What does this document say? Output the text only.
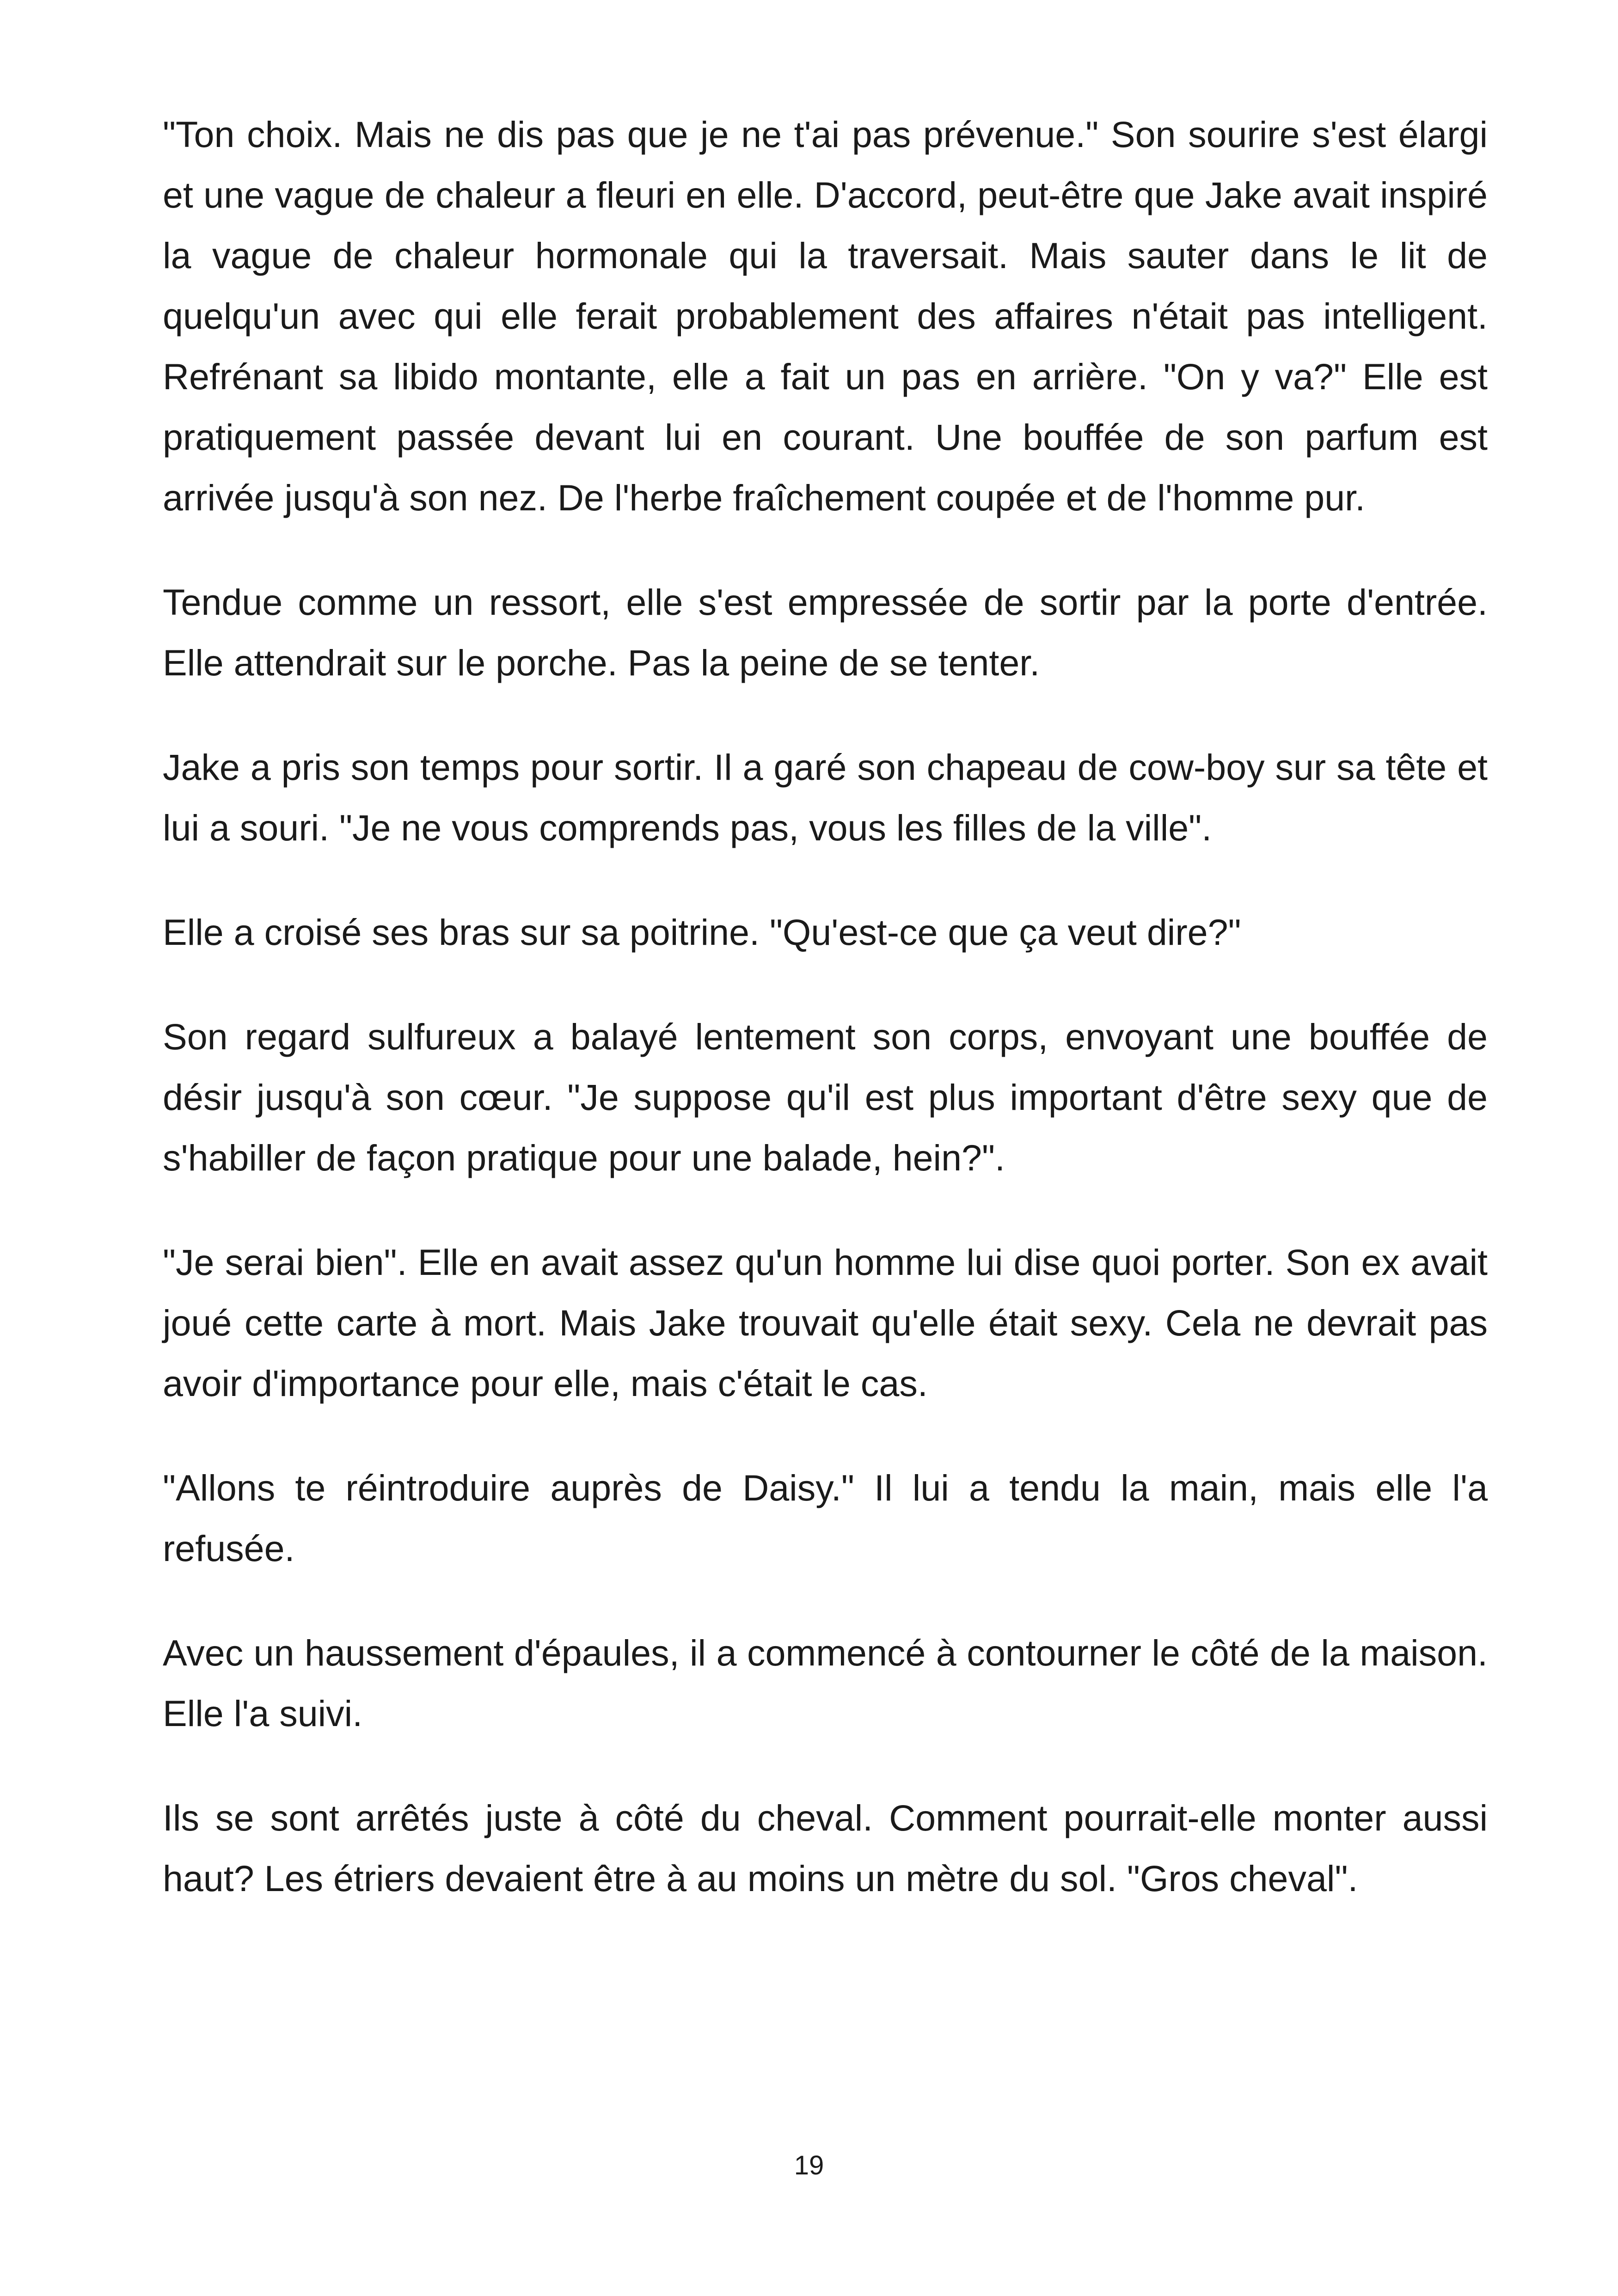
"Ton choix. Mais ne dis pas que je ne t'ai pas prévenue." Son sourire s'est élargi et une vague de chaleur a fleuri en elle. D'accord, peut-être que Jake avait inspiré la vague de chaleur hormonale qui la traversait. Mais sauter dans le lit de quelqu'un avec qui elle ferait probablement des affaires n'était pas intelligent. Refrénant sa libido montante, elle a fait un pas en arrière. "On y va?" Elle est pratiquement passée devant lui en courant. Une bouffée de son parfum est arrivée jusqu'à son nez. De l'herbe fraîchement coupée et de l'homme pur.

Tendue comme un ressort, elle s'est empressée de sortir par la porte d'entrée. Elle attendrait sur le porche. Pas la peine de se tenter.

Jake a pris son temps pour sortir. Il a garé son chapeau de cow-boy sur sa tête et lui a souri. "Je ne vous comprends pas, vous les filles de la ville".

Elle a croisé ses bras sur sa poitrine. "Qu'est-ce que ça veut dire?"

Son regard sulfureux a balayé lentement son corps, envoyant une bouffée de désir jusqu'à son cœur. "Je suppose qu'il est plus important d'être sexy que de s'habiller de façon pratique pour une balade, hein?".

"Je serai bien". Elle en avait assez qu'un homme lui dise quoi porter. Son ex avait joué cette carte à mort. Mais Jake trouvait qu'elle était sexy. Cela ne devrait pas avoir d'importance pour elle, mais c'était le cas.

"Allons te réintroduire auprès de Daisy." Il lui a tendu la main, mais elle l'a refusée.

Avec un haussement d'épaules, il a commencé à contourner le côté de la maison. Elle l'a suivi.

Ils se sont arrêtés juste à côté du cheval. Comment pourrait-elle monter aussi haut? Les étriers devaient être à au moins un mètre du sol. "Gros cheval".

19
